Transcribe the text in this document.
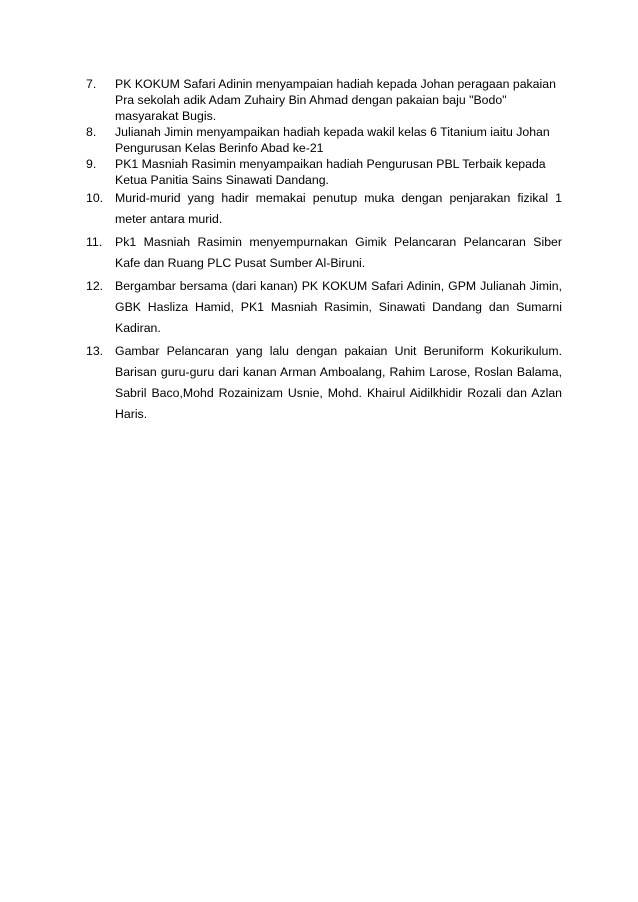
7.	PK KOKUM Safari Adinin menyampaian hadiah kepada Johan peragaan pakaian Pra sekolah adik Adam Zuhairy Bin Ahmad dengan pakaian baju "Bodo" masyarakat Bugis.
8.	Julianah Jimin menyampaikan hadiah kepada wakil kelas 6 Titanium iaitu Johan Pengurusan Kelas Berinfo Abad ke-21
9.	PK1 Masniah Rasimin menyampaikan hadiah Pengurusan PBL Terbaik kepada Ketua Panitia Sains Sinawati Dandang.
10. Murid-murid yang hadir memakai penutup muka dengan penjarakan fizikal 1 meter antara murid.
11.	Pk1 Masniah Rasimin menyempurnakan Gimik Pelancaran Pelancaran Siber Kafe dan Ruang PLC Pusat Sumber Al-Biruni.
12. Bergambar bersama (dari kanan) PK KOKUM Safari Adinin, GPM Julianah Jimin, GBK Hasliza Hamid, PK1 Masniah Rasimin, Sinawati Dandang dan Sumarni Kadiran.
13. Gambar Pelancaran yang lalu dengan pakaian Unit Beruniform Kokurikulum. Barisan guru-guru dari kanan Arman Amboalang, Rahim Larose, Roslan Balama, Sabril Baco,Mohd Rozainizam Usnie, Mohd. Khairul Aidilkhidir Rozali dan Azlan Haris.
